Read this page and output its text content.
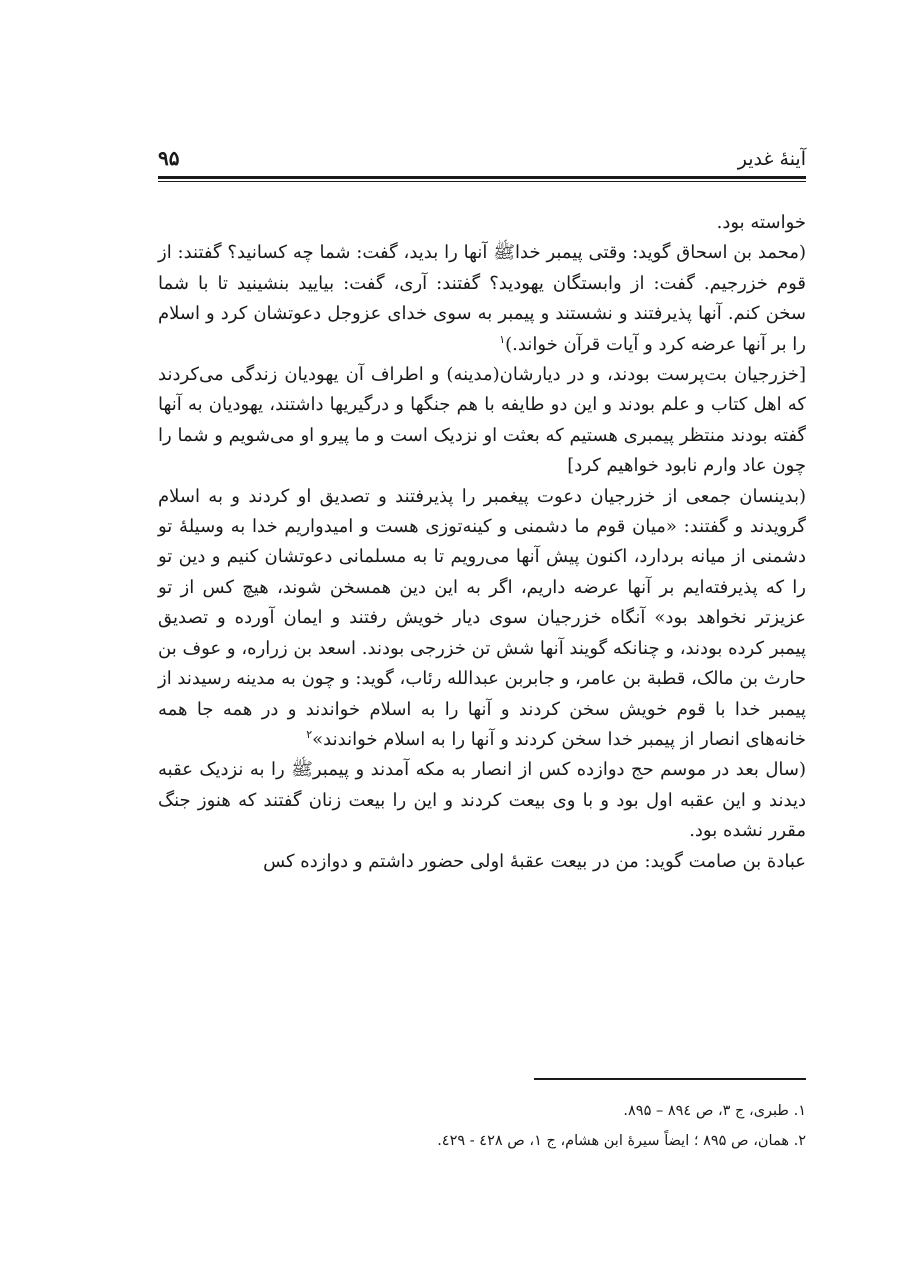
آینهٔ غدیر
۹۵

خواسته بود.

(محمد بن اسحاق گوید: وقتی پیمبر خداﷺ آنها را بدید، گفت: شما چه کسانید؟ گفتند: از قوم خزرجیم. گفت: از وابستگان یهودید؟ گفتند: آری، گفت: بیایید بنشینید تا با شما سخن کنم. آنها پذیرفتند و نشستند و پیمبر به سوی خدای عزوجل دعوتشان کرد و اسلام را بر آنها عرضه کرد و آیات قرآن خواند.)$^۱$

[خزرجیان بت‌پرست بودند، و در دیارشان(مدینه) و اطراف آن یهودیان زندگی می‌کردند که اهل کتاب و علم بودند و این دو طایفه با هم جنگها و درگیریها داشتند، یهودیان به آنها گفته بودند منتظر پیمبری هستیم که بعثت او نزدیک است و ما پیرو او می‌شویم و شما را چون عاد وارم نابود خواهیم کرد]

(بدینسان جمعی از خزرجیان دعوت پیغمبر را پذیرفتند و تصدیق او کردند و به اسلام گرویدند و گفتند: «میان قوم ما دشمنی و کینه‌توزی هست و امیدواریم خدا به وسیلهٔ تو دشمنی از میانه بردارد، اکنون پیش آنها می‌رویم تا به مسلمانی دعوتشان کنیم و دین تو را که پذیرفته‌ایم بر آنها عرضه داریم، اگر به این دین همسخن شوند، هیچ کس از تو عزیزتر نخواهد بود» آنگاه خزرجیان سوی دیار خویش رفتند و ایمان آورده و تصدیق پیمبر کرده بودند، و چنانکه گویند آنها شش تن خزرجی بودند. اسعد بن زراره، و عوف بن حارث بن مالک، قطبة بن عامر، و جابربن عبدالله رئاب، گوید: و چون به مدینه رسیدند از پیمبر خدا با قوم خویش سخن کردند و آنها را به اسلام خواندند و در همه جا همه خانه‌های انصار از پیمبر خدا سخن کردند و آنها را به اسلام خواندند»$^۲$

(سال بعد در موسم حج دوازده کس از انصار به مکه آمدند و پیمبرﷺ را به نزدیک عقبه دیدند و این عقبه اول بود و با وی بیعت کردند و این را بیعت زنان گفتند که هنوز جنگ مقرر نشده بود.

عبادة بن صامت گوید: من در بیعت عقبهٔ اولی حضور داشتم و دوازده کس

۱. طبری، ج ۳، ص ۸۹٤ – ۸۹۵.
۲. همان، ص ۸۹۵ ؛ ایضاً سیرهٔ ابن هشام، ج ۱، ص ٤۲۸ - ٤۲۹.
